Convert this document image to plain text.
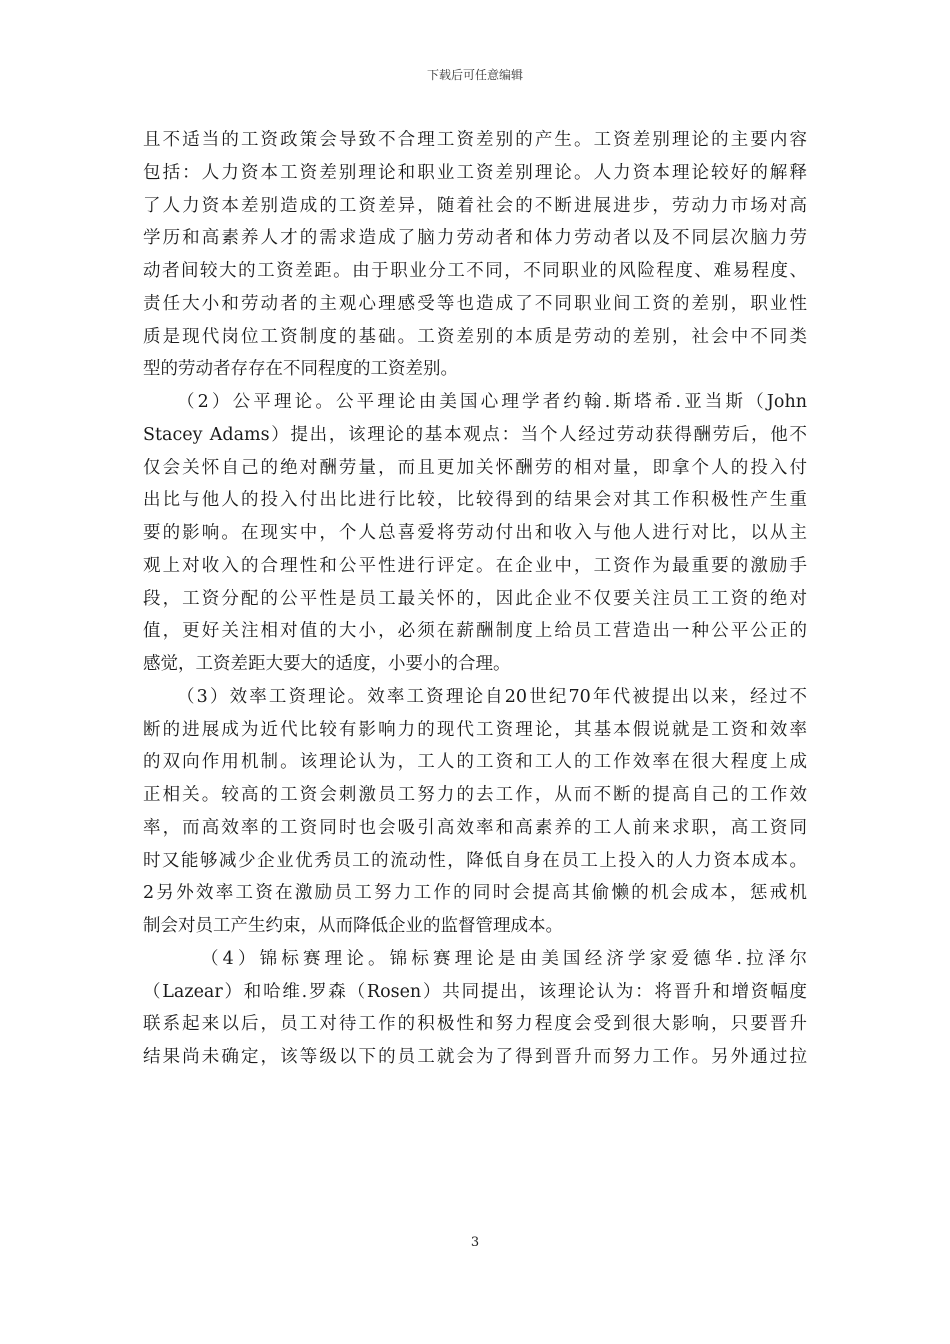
下载后可任意编辑
且不适当的工资政策会导致不合理工资差别的产生。工资差别理论的主要内容
包括：人力资本工资差别理论和职业工资差别理论。人力资本理论较好的解释
了人力资本差别造成的工资差异，随着社会的不断进展进步，劳动力市场对高
学历和高素养人才的需求造成了脑力劳动者和体力劳动者以及不同层次脑力劳
动者间较大的工资差距。由于职业分工不同，不同职业的风险程度、难易程度、
责任大小和劳动者的主观心理感受等也造成了不同职业间工资的差别，职业性
质是现代岗位工资制度的基础。工资差别的本质是劳动的差别，社会中不同类
型的劳动者存存在不同程度的工资差别。
（2）公平理论。公平理论由美国心理学者约翰.斯塔希.亚当斯（John
Stacey Adams）提出，该理论的基本观点：当个人经过劳动获得酬劳后，他不
仅会关怀自己的绝对酬劳量，而且更加关怀酬劳的相对量，即拿个人的投入付
出比与他人的投入付出比进行比较，比较得到的结果会对其工作积极性产生重
要的影响。在现实中，个人总喜爱将劳动付出和收入与他人进行对比，以从主
观上对收入的合理性和公平性进行评定。在企业中，工资作为最重要的激励手
段，工资分配的公平性是员工最关怀的，因此企业不仅要关注员工工资的绝对
值，更好关注相对值的大小，必须在薪酬制度上给员工营造出一种公平公正的
感觉，工资差距大要大的适度，小要小的合理。
（3）效率工资理论。效率工资理论自20世纪70年代被提出以来，经过不
断的进展成为近代比较有影响力的现代工资理论，其基本假说就是工资和效率
的双向作用机制。该理论认为，工人的工资和工人的工作效率在很大程度上成
正相关。较高的工资会刺激员工努力的去工作，从而不断的提高自己的工作效
率，而高效率的工资同时也会吸引高效率和高素养的工人前来求职，高工资同
时又能够减少企业优秀员工的流动性，降低自身在员工上投入的人力资本成本。
2另外效率工资在激励员工努力工作的同时会提高其偷懒的机会成本，惩戒机
制会对员工产生约束，从而降低企业的监督管理成本。
（4）锦标赛理论。锦标赛理论是由美国经济学家爱德华.拉泽尔
（Lazear）和哈维.罗森（Rosen）共同提出，该理论认为：将晋升和增资幅度
联系起来以后，员工对待工作的积极性和努力程度会受到很大影响，只要晋升
结果尚未确定，该等级以下的员工就会为了得到晋升而努力工作。另外通过拉
3
